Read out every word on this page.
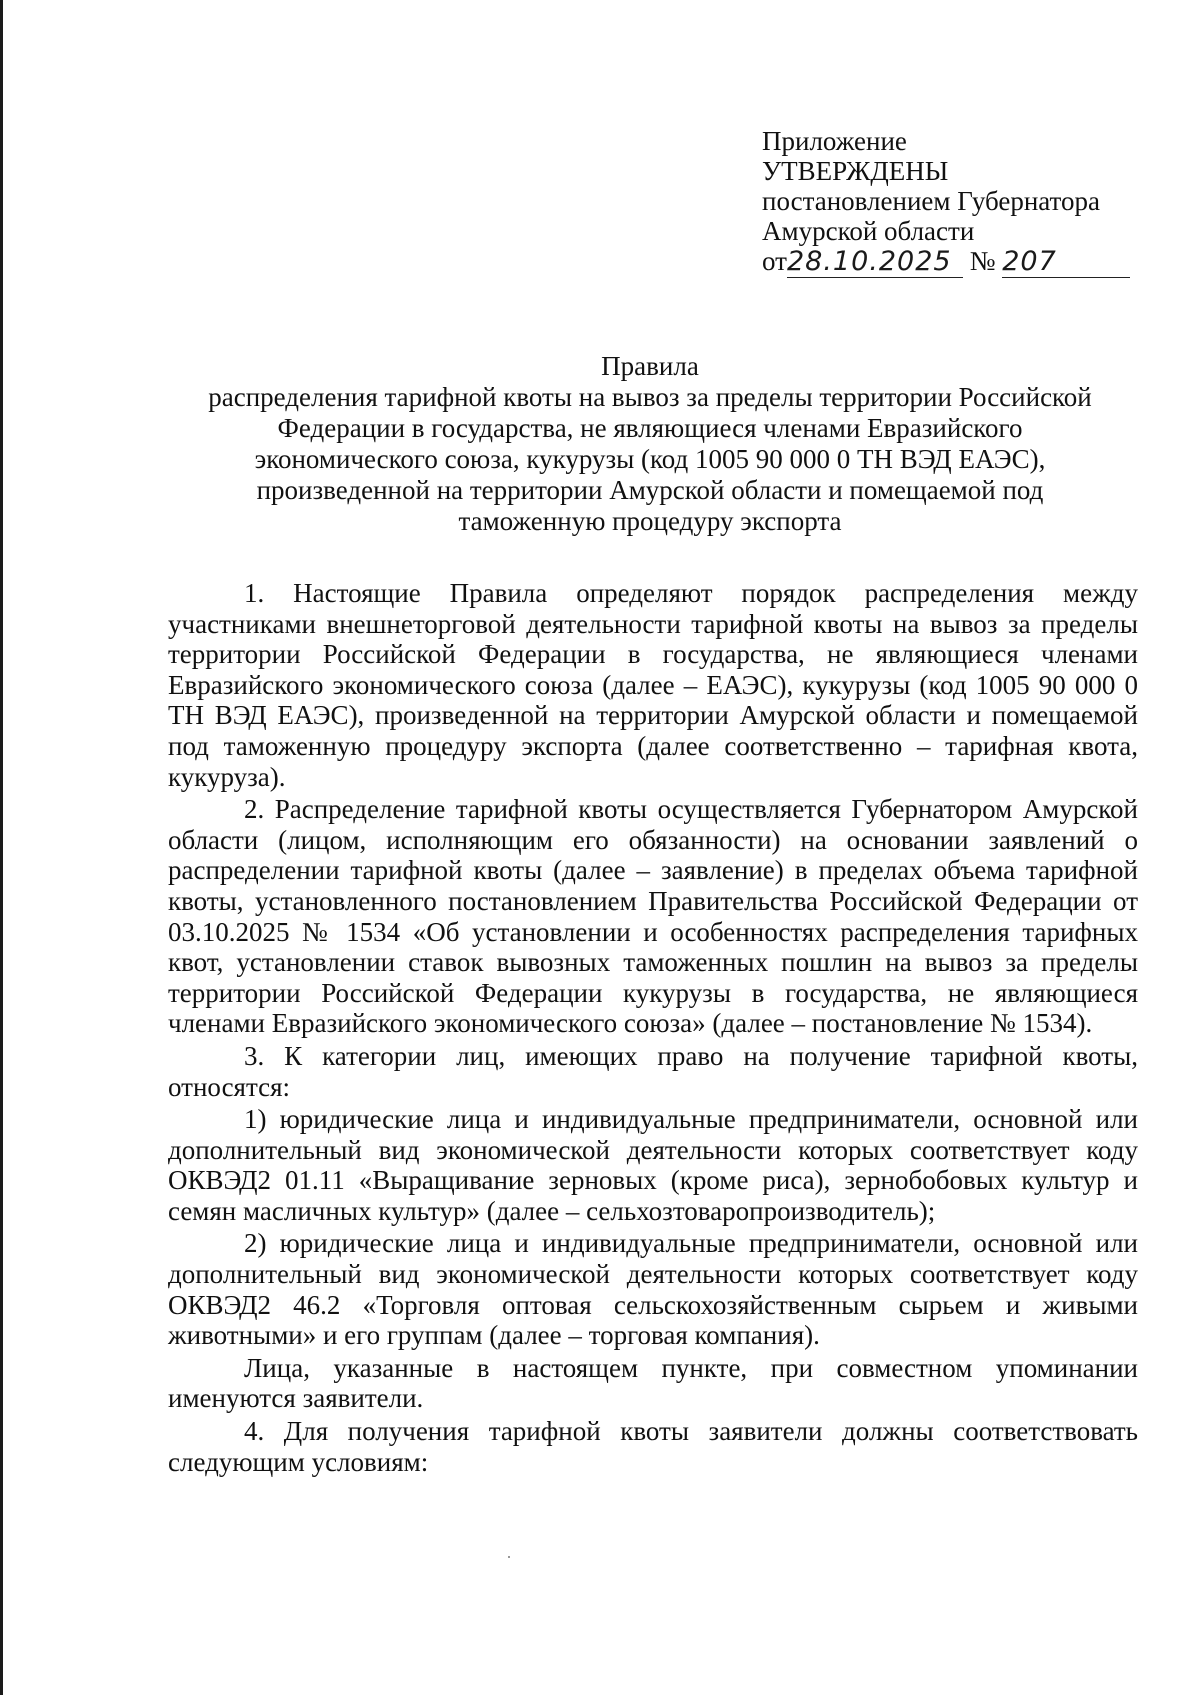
Приложение
УТВЕРЖДЕНЫ
постановлением Губернатора
Амурской области
от28.10.2025 № 207
Правила
распределения тарифной квоты на вывоз за пределы территории Российской
Федерации в государства, не являющиеся членами Евразийского
экономического союза, кукурузы (код 1005 90 000 0 ТН ВЭД ЕАЭС),
произведенной на территории Амурской области и помещаемой под
таможенную процедуру экспорта

1. Настоящие Правила определяют порядок распределения между участниками внешнеторговой деятельности тарифной квоты на вывоз за пределы территории Российской Федерации в государства, не являющиеся членами Евразийского экономического союза (далее – ЕАЭС), кукурузы (код 1005 90 000 0 ТН ВЭД ЕАЭС), произведенной на территории Амурской области и помещаемой под таможенную процедуру экспорта (далее соответственно – тарифная квота, кукуруза).

2. Распределение тарифной квоты осуществляется Губернатором Амурской области (лицом, исполняющим его обязанности) на основании заявлений о распределении тарифной квоты (далее – заявление) в пределах объема тарифной квоты, установленного постановлением Правительства Российской Федерации от 03.10.2025 № 1534 «Об установлении и особенностях распределения тарифных квот, установлении ставок вывозных таможенных пошлин на вывоз за пределы территории Российской Федерации кукурузы в государства, не являющиеся членами Евразийского экономического союза» (далее – постановление № 1534).

3. К категории лиц, имеющих право на получение тарифной квоты, относятся:

1) юридические лица и индивидуальные предприниматели, основной или дополнительный вид экономической деятельности которых соответствует коду ОКВЭД2 01.11 «Выращивание зерновых (кроме риса), зернобобовых культур и семян масличных культур» (далее – сельхозтоваропроизводитель);

2) юридические лица и индивидуальные предприниматели, основной или дополнительный вид экономической деятельности которых соответствует коду ОКВЭД2 46.2 «Торговля оптовая сельскохозяйственным сырьем и живыми животными» и его группам (далее – торговая компания).

Лица, указанные в настоящем пункте, при совместном упоминании именуются заявители.

4. Для получения тарифной квоты заявители должны соответствовать следующим условиям:
